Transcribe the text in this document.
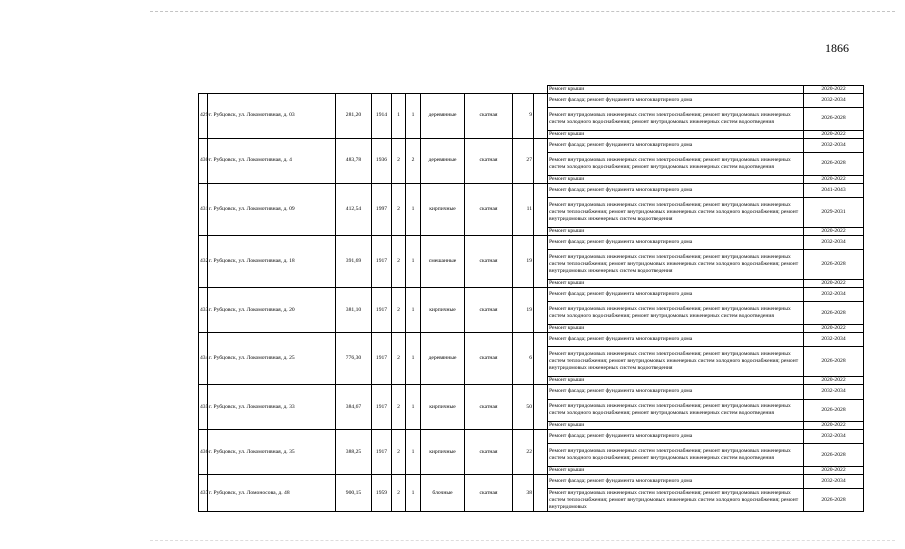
1866
										Ремонт крыши	2020-2022
429	г. Рубцовск, ул. Локомотивная, д. 03	281,20	1914	1	1	деревянные	скатная	9		Ремонт фасада; ремонт фундамента многоквартирного дома	2032-2034
										Ремонт внутридомовых инженерных систем электроснабжения; ремонт внутридомовых инженерных систем холодного водоснабжения; ремонт внутридомовых инженерных систем водоотведения	2026-2028
										Ремонт крыши	2020-2022
430	г. Рубцовск, ул. Локомотивная, д. 4	483,78	1936	2	2	деревянные	скатная	27		Ремонт фасада; ремонт фундамента многоквартирного дома	2032-2034
										Ремонт внутридомовых инженерных систем электроснабжения; ремонт внутридомовых инженерных систем холодного водоснабжения; ремонт внутридомовых инженерных систем водоотведения	2026-2028
										Ремонт крыши	2020-2022
431	г. Рубцовск, ул. Локомотивная, д. 09	412,54	1997	2	1	кирпичные	скатная	11		Ремонт фасада; ремонт фундамента многоквартирного дома	2041-2043
										Ремонт внутридомовых инженерных систем электроснабжения; ремонт внутридомовых инженерных систем теплоснабжения; ремонт внутридомовых инженерных систем холодного водоснабжения; ремонт внутридомовых инженерных систем водоотведения	2029-2031
										Ремонт крыши	2020-2022
432	г. Рубцовск, ул. Локомотивная, д. 18	391,69	1917	2	1	смешанные	скатная	19		Ремонт фасада; ремонт фундамента многоквартирного дома	2032-2034
										Ремонт внутридомовых инженерных систем электроснабжения; ремонт внутридомовых инженерных систем теплоснабжения; ремонт внутридомовых инженерных систем холодного водоснабжения; ремонт внутридомовых инженерных систем водоотведения	2026-2028
										Ремонт крыши	2020-2022
433	г. Рубцовск, ул. Локомотивная, д. 20	381,10	1917	2	1	кирпичные	скатная	19		Ремонт фасада; ремонт фундамента многоквартирного дома	2032-2034
										Ремонт внутридомовых инженерных систем электроснабжения; ремонт внутридомовых инженерных систем холодного водоснабжения; ремонт внутридомовых инженерных систем водоотведения	2026-2028
										Ремонт крыши	2020-2022
434	г. Рубцовск, ул. Локомотивная, д. 25	776,30	1917	2	1	деревянные	скатная	6		Ремонт фасада; ремонт фундамента многоквартирного дома	2032-2034
										Ремонт внутридомовых инженерных систем электроснабжения; ремонт внутридомовых инженерных систем теплоснабжения; ремонт внутридомовых инженерных систем холодного водоснабжения; ремонт внутридомовых инженерных систем водоотведения	2026-2028
										Ремонт крыши	2020-2022
435	г. Рубцовск, ул. Локомотивная, д. 33	384,67	1917	2	1	кирпичные	скатная	50		Ремонт фасада; ремонт фундамента многоквартирного дома	2032-2034
										Ремонт внутридомовых инженерных систем электроснабжения; ремонт внутридомовых инженерных систем холодного водоснабжения; ремонт внутридомовых инженерных систем водоотведения	2026-2028
										Ремонт крыши	2020-2022
436	г. Рубцовск, ул. Локомотивная, д. 35	388,25	1917	2	1	кирпичные	скатная	22		Ремонт фасада; ремонт фундамента многоквартирного дома	2032-2034
										Ремонт внутридомовых инженерных систем электроснабжения; ремонт внутридомовых инженерных систем холодного водоснабжения; ремонт внутридомовых инженерных систем водоотведения	2026-2028
										Ремонт крыши	2020-2022
437	г. Рубцовск, ул. Ломоносова, д. 48	900,15	1959	2	1	блочные	скатная	38		Ремонт фасада; ремонт фундамента многоквартирного дома	2032-2034
										Ремонт внутридомовых инженерных систем электроснабжения; ремонт внутридомовых инженерных систем теплоснабжения; ремонт внутридомовых инженерных систем холодного водоснабжения; ремонт внутридомовых	2026-2028
